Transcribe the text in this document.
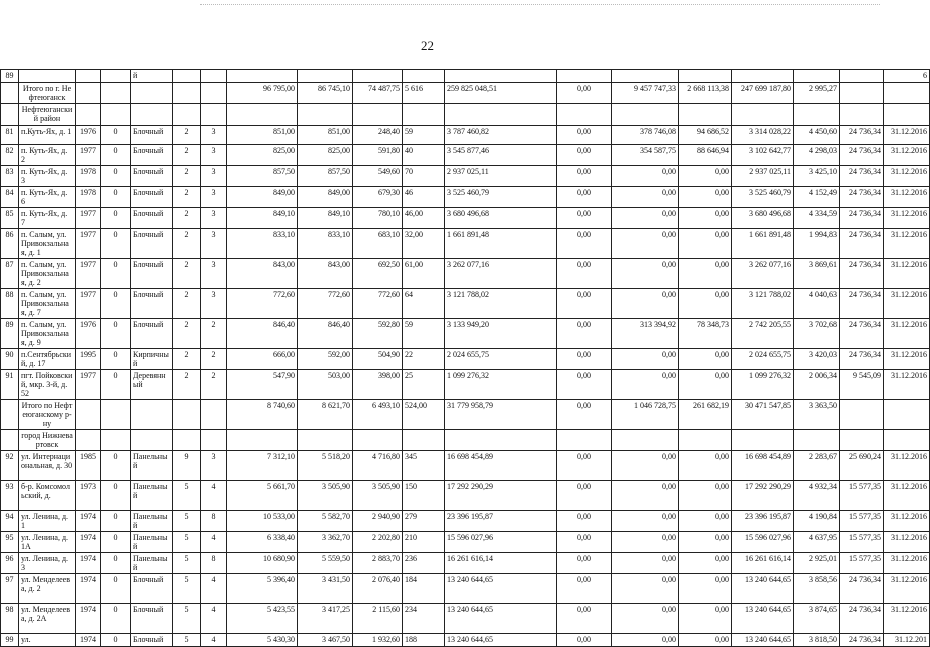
22
89				й														6
	Итого по г. Нефтеюганск						96 795,00	86 745,10	74 487,75	5 616	259 825 048,51	0,00	9 457 747,33	2 668 113,38	247 699 187,80	2 995,27		
	Нефтеюганский район																	
81	п.Куть-Ях, д. 1	1976	0	Блочный	2	3	851,00	851,00	248,40	59	3 787 460,82	0,00	378 746,08	94 686,52	3 314 028,22	4 450,60	24 736,34	31.12.2016
82	п. Куть-Ях, д. 2	1977	0	Блочный	2	3	825,00	825,00	591,80	40	3 545 877,46	0,00	354 587,75	88 646,94	3 102 642,77	4 298,03	24 736,34	31.12.2016
83	п. Куть-Ях, д. 3	1978	0	Блочный	2	3	857,50	857,50	549,60	70	2 937 025,11	0,00	0,00	0,00	2 937 025,11	3 425,10	24 736,34	31.12.2016
84	п. Куть-Ях, д. 6	1978	0	Блочный	2	3	849,00	849,00	679,30	46	3 525 460,79	0,00	0,00	0,00	3 525 460,79	4 152,49	24 736,34	31.12.2016
85	п. Куть-Ях, д. 7	1977	0	Блочный	2	3	849,10	849,10	780,10	46,00	3 680 496,68	0,00	0,00	0,00	3 680 496,68	4 334,59	24 736,34	31.12.2016
86	п. Салым, ул. Привокзальная, д. 1	1977	0	Блочный	2	3	833,10	833,10	683,10	32,00	1 661 891,48	0,00	0,00	0,00	1 661 891,48	1 994,83	24 736,34	31.12.2016
87	п. Салым, ул. Привокзальная, д. 2	1977	0	Блочный	2	3	843,00	843,00	692,50	61,00	3 262 077,16	0,00	0,00	0,00	3 262 077,16	3 869,61	24 736,34	31.12.2016
88	п. Салым, ул. Привокзальная, д. 7	1977	0	Блочный	2	3	772,60	772,60	772,60	64	3 121 788,02	0,00	0,00	0,00	3 121 788,02	4 040,63	24 736,34	31.12.2016
89	п. Салым, ул. Привокзальная, д. 9	1976	0	Блочный	2	2	846,40	846,40	592,80	59	3 133 949,20	0,00	313 394,92	78 348,73	2 742 205,55	3 702,68	24 736,34	31.12.2016
90	п.Сентябрьский, д. 17	1995	0	Кирпичный	2	2	666,00	592,00	504,90	22	2 024 655,75	0,00	0,00	0,00	2 024 655,75	3 420,03	24 736,34	31.12.2016
91	пгт. Пойковский, мкр. 3-й, д. 52	1977	0	Деревянный	2	2	547,90	503,00	398,00	25	1 099 276,32	0,00	0,00	0,00	1 099 276,32	2 006,34	9 545,09	31.12.2016
	Итого по Нефтеюганскому р-ну						8 740,60	8 621,70	6 493,10	524,00	31 779 958,79	0,00	1 046 728,75	261 682,19	30 471 547,85	3 363,50		
	город Нижневартовск																	
92	ул. Интернациональная, д. 30	1985	0	Панельный	9	3	7 312,10	5 518,20	4 716,80	345	16 698 454,89	0,00	0,00	0,00	16 698 454,89	2 283,67	25 690,24	31.12.2016
93	б-р. Комсомольский, д.	1973	0	Панельный	5	4	5 661,70	3 505,90	3 505,90	150	17 292 290,29	0,00	0,00	0,00	17 292 290,29	4 932,34	15 577,35	31.12.2016
94	ул. Ленина, д. 1	1974	0	Панельный	5	8	10 533,00	5 582,70	2 940,90	279	23 396 195,87	0,00	0,00	0,00	23 396 195,87	4 190,84	15 577,35	31.12.2016
95	ул. Ленина, д. 1А	1974	0	Панельный	5	4	6 338,40	3 362,70	2 202,80	210	15 596 027,96	0,00	0,00	0,00	15 596 027,96	4 637,95	15 577,35	31.12.2016
96	ул. Ленина, д. 3	1974	0	Панельный	5	8	10 680,90	5 559,50	2 883,70	236	16 261 616,14	0,00	0,00	0,00	16 261 616,14	2 925,01	15 577,35	31.12.2016
97	ул. Менделеева, д. 2	1974	0	Блочный	5	4	5 396,40	3 431,50	2 076,40	184	13 240 644,65	0,00	0,00	0,00	13 240 644,65	3 858,56	24 736,34	31.12.2016
98	ул. Менделеева, д. 2А	1974	0	Блочный	5	4	5 423,55	3 417,25	2 115,60	234	13 240 644,65	0,00	0,00	0,00	13 240 644,65	3 874,65	24 736,34	31.12.2016
99	ул.	1974	0	Блочный	5	4	5 430,30	3 467,50	1 932,60	188	13 240 644,65	0,00	0,00	0,00	13 240 644,65	3 818,50	24 736,34	31.12.201
